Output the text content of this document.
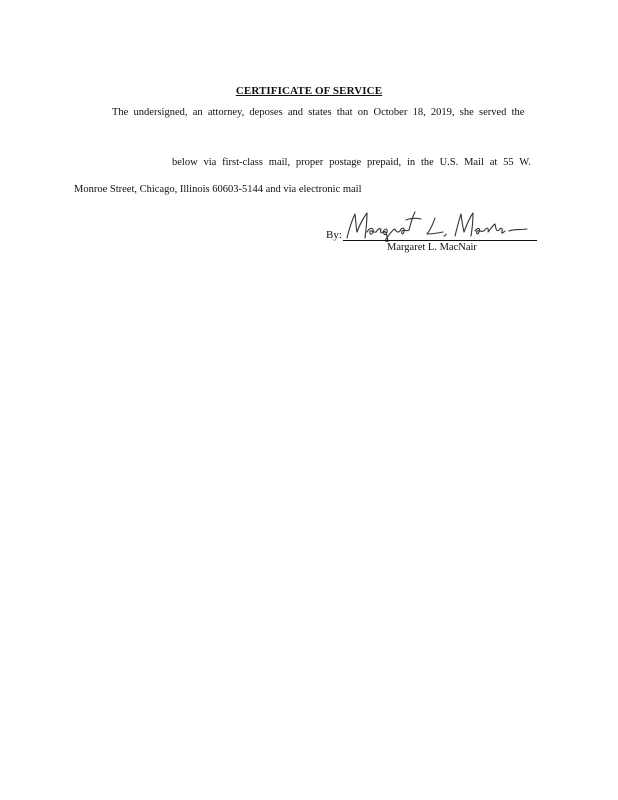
CERTIFICATE OF SERVICE
The undersigned, an attorney, deposes and states that on October 18, 2019, she served the
below via first-class mail, proper postage prepaid, in the U.S. Mail at 55 W.
Monroe Street, Chicago, Illinois 60603-5144 and via electronic mail
By:
Margaret L. MacNair
